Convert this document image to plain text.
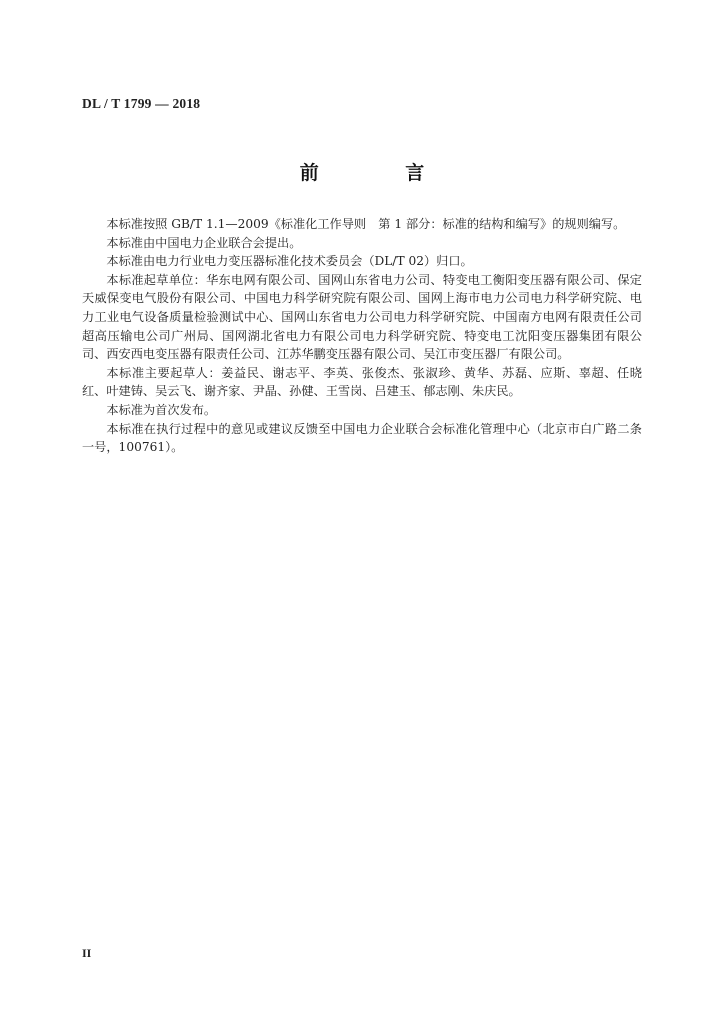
DL / T 1799 — 2018
前 言

本标准按照 GB/T 1.1—2009《标准化工作导则　第 1 部分：标准的结构和编写》的规则编写。

本标准由中国电力企业联合会提出。

本标准由电力行业电力变压器标准化技术委员会（DL/T 02）归口。

本标准起草单位：华东电网有限公司、国网山东省电力公司、特变电工衡阳变压器有限公司、保定天威保变电气股份有限公司、中国电力科学研究院有限公司、国网上海市电力公司电力科学研究院、电力工业电气设备质量检验测试中心、国网山东省电力公司电力科学研究院、中国南方电网有限责任公司超高压输电公司广州局、国网湖北省电力有限公司电力科学研究院、特变电工沈阳变压器集团有限公司、西安西电变压器有限责任公司、江苏华鹏变压器有限公司、吴江市变压器厂有限公司。

本标准主要起草人：姜益民、谢志平、李英、张俊杰、张淑珍、黄华、苏磊、应斯、辜超、任晓红、叶建铸、吴云飞、谢齐家、尹晶、孙健、王雪岗、吕建玉、郁志刚、朱庆民。

本标准为首次发布。

本标准在执行过程中的意见或建议反馈至中国电力企业联合会标准化管理中心（北京市白广路二条一号，100761）。

II
